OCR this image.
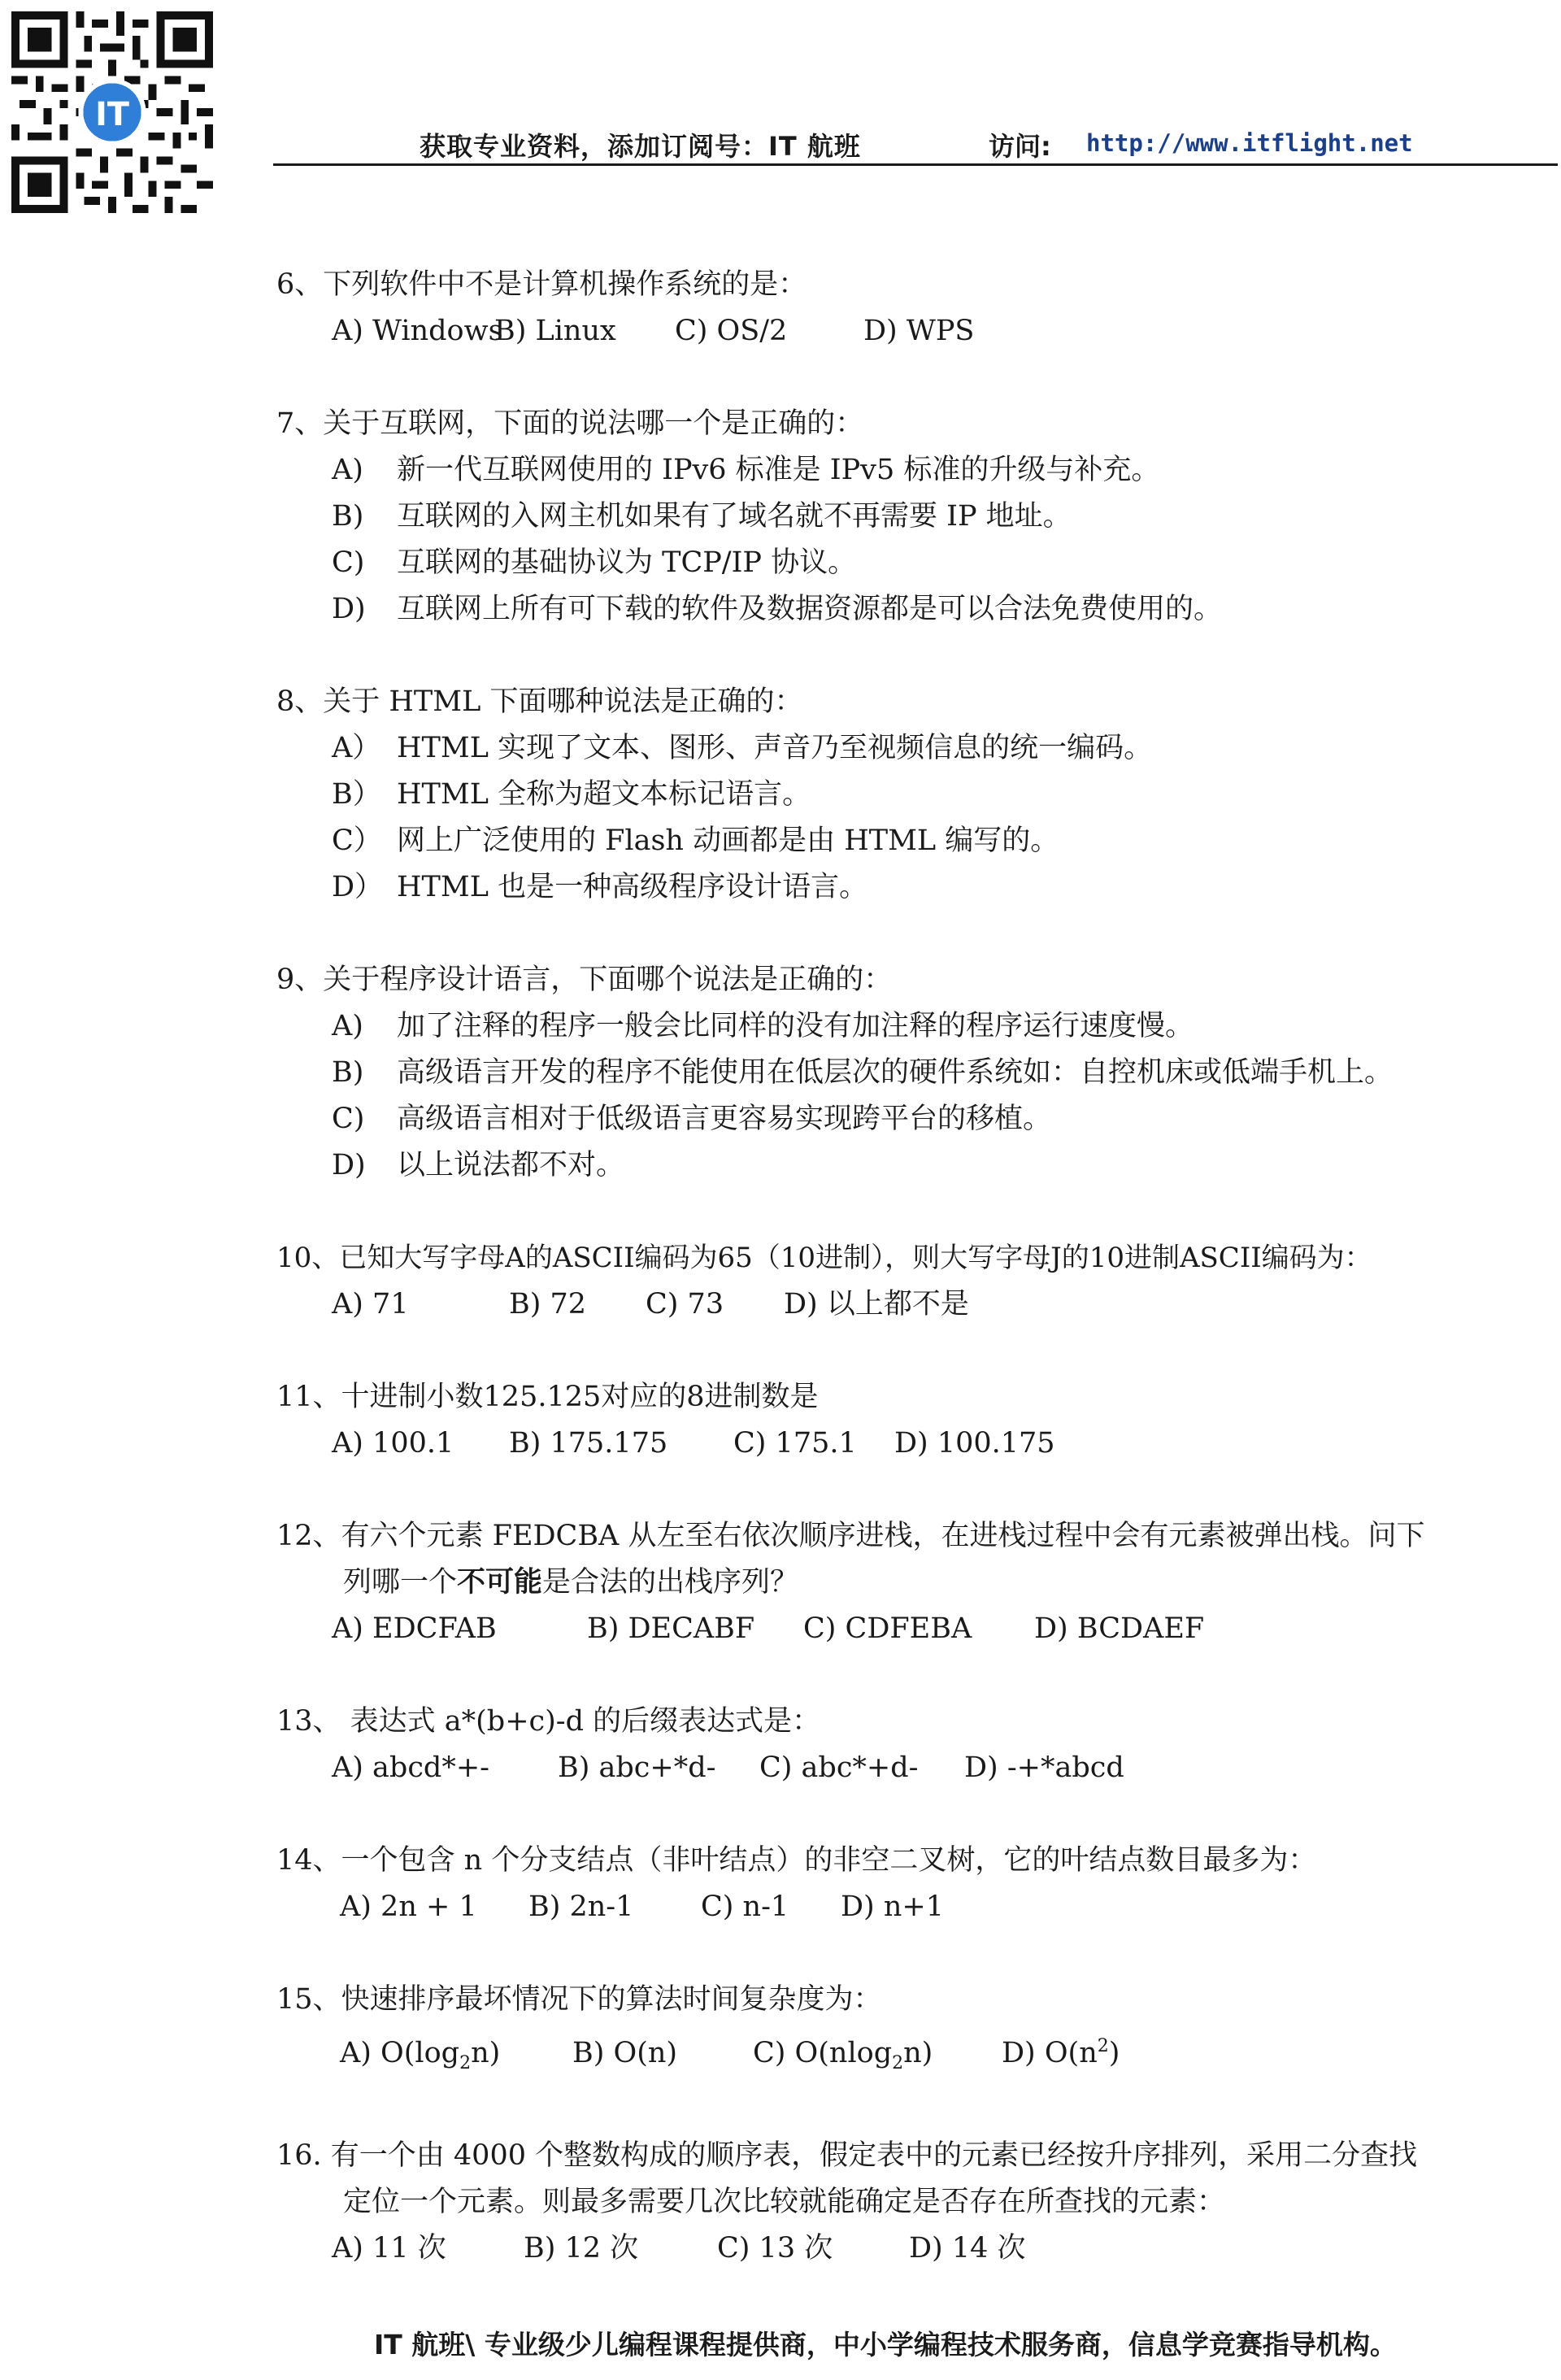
IT
获取专业资料，添加订阅号：IT 航班	访问: http://www.itflight.net
6、下列软件中不是计算机操作系统的是：
A) WindowsB) Linux C) OS/2	D) WPS
7、关于互联网，下面的说法哪一个是正确的：
A) 新一代互联网使用的 IPv6 标准是 IPv5 标准的升级与补充。
B) 互联网的入网主机如果有了域名就不再需要 IP 地址。
C) 互联网的基础协议为 TCP/IP 协议。
D) 互联网上所有可下载的软件及数据资源都是可以合法免费使用的。
8、关于 HTML 下面哪种说法是正确的：
A） HTML 实现了文本、图形、声音乃至视频信息的统一编码。
B） HTML 全称为超文本标记语言。
C） 网上广泛使用的 Flash 动画都是由 HTML 编写的。
D） HTML 也是一种高级程序设计语言。
9、关于程序设计语言，下面哪个说法是正确的：
A) 加了注释的程序一般会比同样的没有加注释的程序运行速度慢。
B) 高级语言开发的程序不能使用在低层次的硬件系统如：自控机床或低端手机上。
C) 高级语言相对于低级语言更容易实现跨平台的移植。
D) 以上说法都不对。
10、已知大写字母A的ASCII编码为65（10进制），则大写字母J的10进制ASCII编码为：
A) 71	B) 72 C) 73 D) 以上都不是
11、十进制小数125.125对应的8进制数是
A) 100.1 B) 175.175 C) 175.1 D) 100.175
12、有六个元素 FEDCBA 从左至右依次顺序进栈，在进栈过程中会有元素被弹出栈。问下
列哪一个不可能是合法的出栈序列？
A) EDCFAB	B) DECABF C) CDFEBA D) BCDAEF
13、 表达式 a*(b+c)-d 的后缀表达式是：
A) abcd*+- B) abc+*d- C) abc*+d- D) -+*abcd
14、一个包含 n 个分支结点（非叶结点）的非空二叉树，它的叶结点数目最多为：
A) 2n + 1 B) 2n-1 C) n-1 D) n+1
15、快速排序最坏情况下的算法时间复杂度为：
A) $O(\log_2n)$	B) O(n)	C) O(nlog$_2$n) D) $O(n^2)$
16. 有一个由 4000 个整数构成的顺序表，假定表中的元素已经按升序排列，采用二分查找
定位一个元素。则最多需要几次比较就能确定是否存在所查找的元素：
A) 11 次	B) 12 次	C) 13 次	D) 14 次
IT 航班\ 专业级少儿编程课程提供商，中小学编程技术服务商，信息学竞赛指导机构。
